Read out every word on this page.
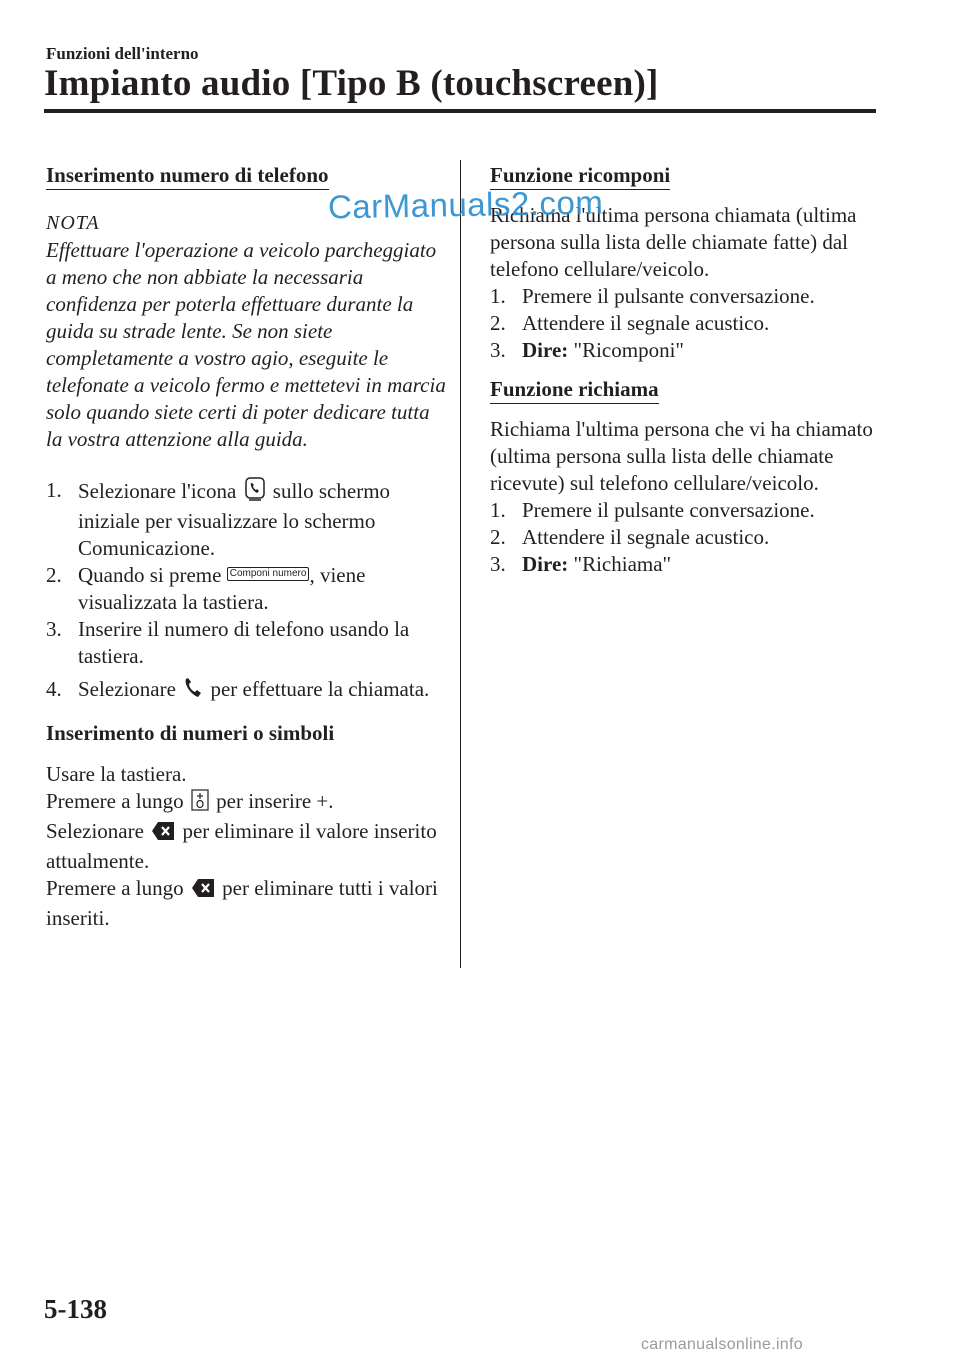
Funzioni dell'interno
Impianto audio [Tipo B (touchscreen)]
Inserimento numero di telefono
NOTA

Effettuare l'operazione a veicolo parcheggiato a meno che non abbiate la necessaria confidenza per poterla effettuare durante la guida su strade lente. Se non siete completamente a vostro agio, eseguite le telefonate a veicolo fermo e mettetevi in marcia solo quando siete certi di poter dedicare tutta la vostra attenzione alla guida.

1. Selezionare l'icona sullo schermo iniziale per visualizzare lo schermo Comunicazione.
2. Quando si preme Componi numero , viene visualizzata la tastiera.
3. Inserire il numero di telefono usando la tastiera.
4. Selezionare per effettuare la chiamata.
Inserimento di numeri o simboli

Usare la tastiera.

Premere a lungo per inserire +.

Selezionare per eliminare il valore inserito attualmente.

Premere a lungo per eliminare tutti i valori inseriti.

Funzione ricomponi

Richiama l'ultima persona chiamata (ultima persona sulla lista delle chiamate fatte) dal telefono cellulare/veicolo.

1. Premere il pulsante conversazione.
2. Attendere il segnale acustico.
3. Dire: "Ricomponi"
Funzione richiama

Richiama l'ultima persona che vi ha chiamato (ultima persona sulla lista delle chiamate ricevute) sul telefono cellulare/veicolo.

1. Premere il pulsante conversazione.
2. Attendere il segnale acustico.
3. Dire: "Richiama"
CarManuals2.com
5-138
carmanualsonline.info
